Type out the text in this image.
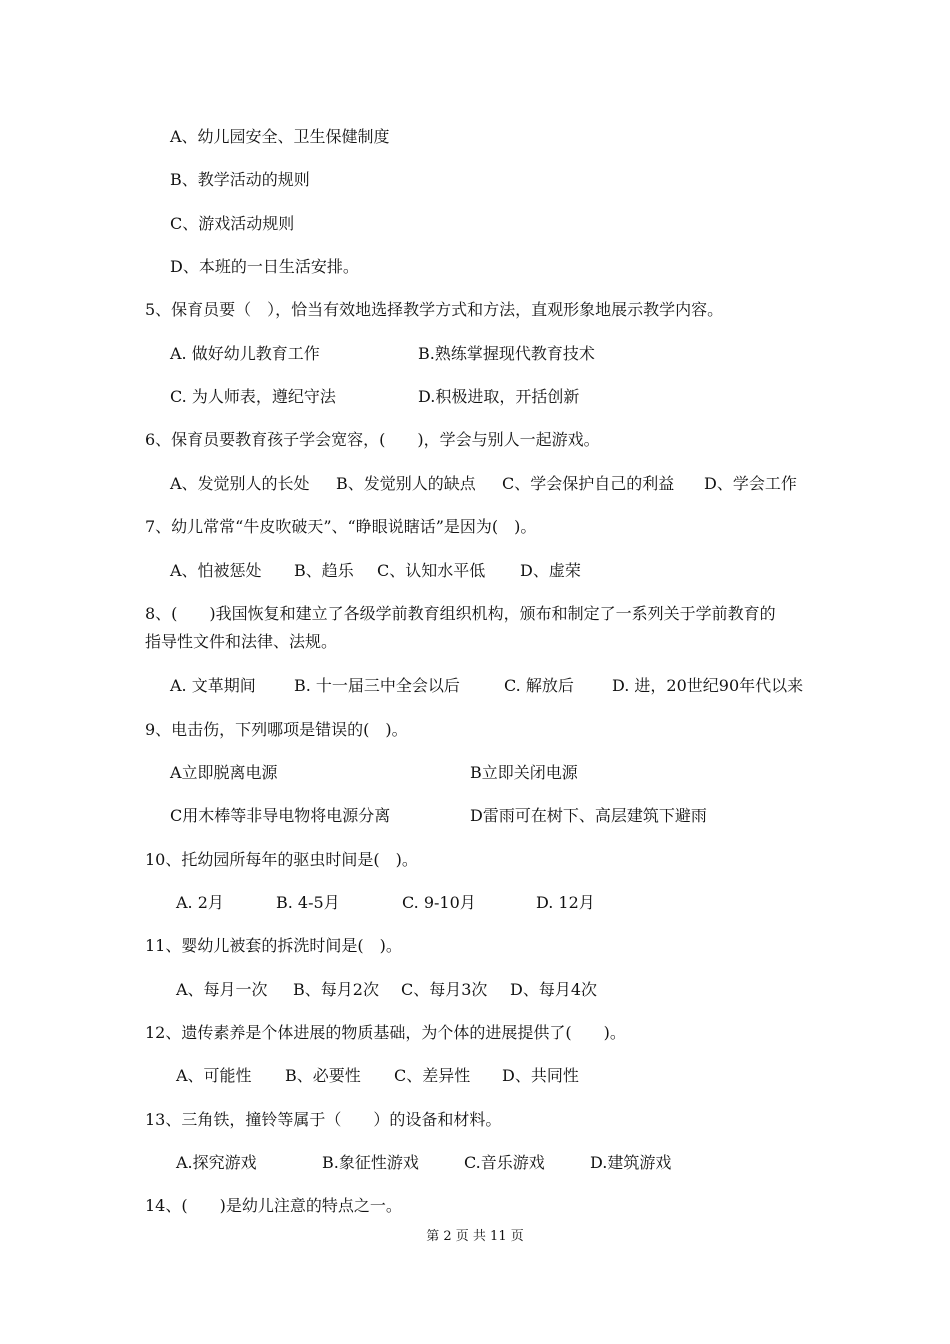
A、幼儿园安全、卫生保健制度
B、教学活动的规则
C、游戏活动规则
D、本班的一日生活安排。
5、保育员要（　），恰当有效地选择教学方式和方法，直观形象地展示教学内容。
A. 做好幼儿教育工作	B.熟练掌握现代教育技术
C. 为人师表，遵纪守法	D.积极进取，开括创新
6、保育员要教育孩子学会宽容，(　　)，学会与别人一起游戏。
A、发觉别人的长处 B、发觉别人的缺点 C、学会保护自己的利益 D、学会工作
7、幼儿常常“牛皮吹破天”、“睁眼说瞎话”是因为(　)。
A、怕被惩处 B、趋乐 C、认知水平低 D、虚荣
8、(　　)我国恢复和建立了各级学前教育组织机构，颁布和制定了一系列关于学前教育的
指导性文件和法律、法规。
A. 文革期间 B. 十一届三中全会以后	C. 解放后 D. 进，20世纪90年代以来
9、电击伤，下列哪项是错误的(　)。
A立即脱离电源	B立即关闭电源
C用木棒等非导电物将电源分离	D雷雨可在树下、高层建筑下避雨
10、托幼园所每年的驱虫时间是(　)。
A. 2月	B. 4-5月	C. 9-10月	D. 12月
11、婴幼儿被套的拆洗时间是(　)。
A、每月一次 B、每月2次 C、每月3次 D、每月4次
12、遗传素养是个体进展的物质基础，为个体的进展提供了(　　)。
A、可能性 B、必要性 C、差异性 D、共同性
13、三角铁，撞铃等属于（　　）的设备和材料。
A.探究游戏	B.象征性游戏	C.音乐游戏	D.建筑游戏
14、(　　)是幼儿注意的特点之一。
第 2 页 共 11 页
